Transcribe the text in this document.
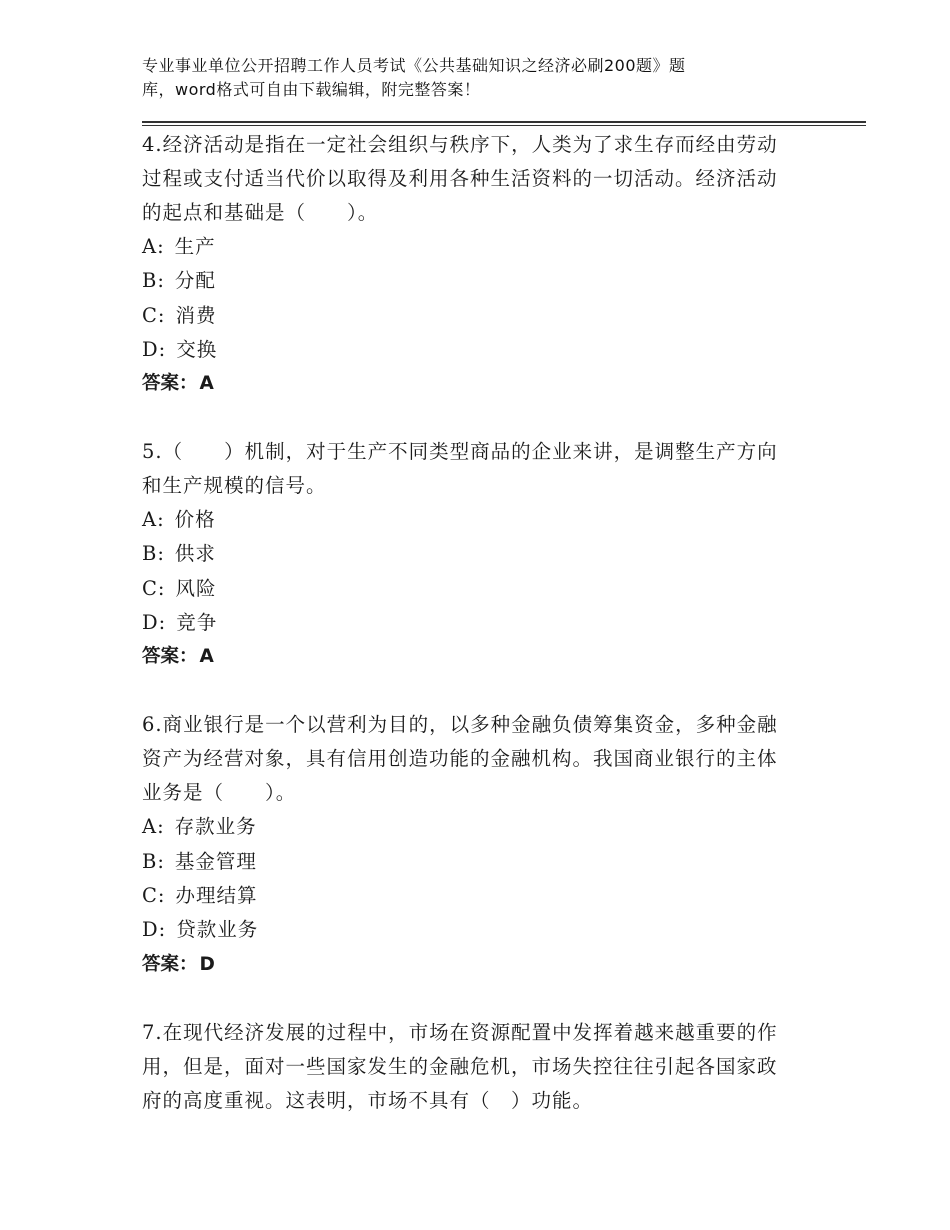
专业事业单位公开招聘工作人员考试《公共基础知识之经济必刷200题》题
库，word格式可自由下载编辑，附完整答案！

4.经济活动是指在一定社会组织与秩序下，人类为了求生存而经由劳动过程或支付适当代价以取得及利用各种生活资料的一切活动。经济活动的起点和基础是（　　）。

A: 生产
B: 分配
C: 消费
D: 交换
答案： A

5.（　　）机制，对于生产不同类型商品的企业来讲，是调整生产方向和生产规模的信号。

A: 价格
B: 供求
C: 风险
D: 竞争
答案： A

6.商业银行是一个以营利为目的，以多种金融负债筹集资金，多种金融资产为经营对象，具有信用创造功能的金融机构。我国商业银行的主体业务是（　　）。

A: 存款业务
B: 基金管理
C: 办理结算
D: 贷款业务
答案： D

7.在现代经济发展的过程中，市场在资源配置中发挥着越来越重要的作用，但是，面对一些国家发生的金融危机，市场失控往往引起各国家政府的高度重视。这表明，市场不具有（　）功能。
